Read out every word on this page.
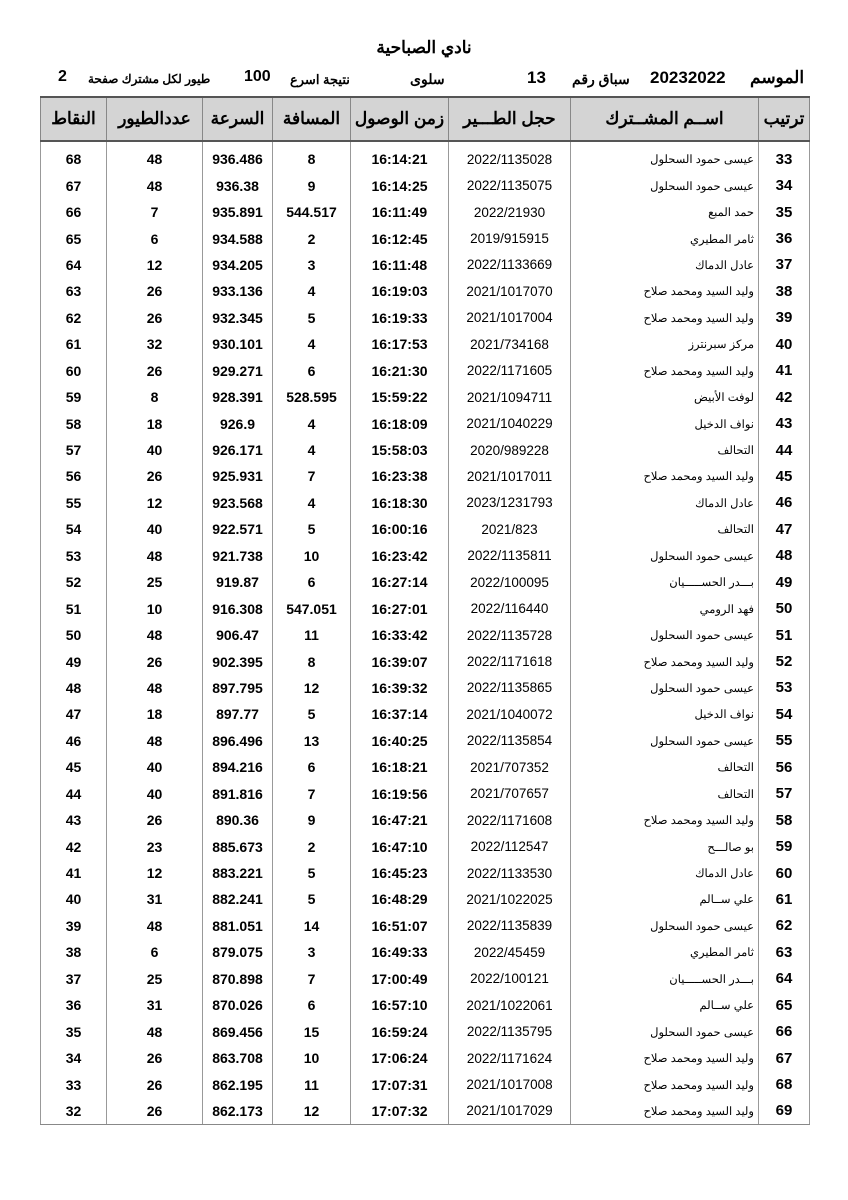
نادي الصباحية
الموسم
20232022
سباق رقم
13
سلوى
نتيجة اسرع
100
طيور لكل مشترك صفحة
2
النقاط	عددالطيور	السرعة	المسافة	زمن الوصول	حجل الطـــير	اســم المشــترك	ترتيب
68	48	936.486	8	16:14:21	2022/1135028	عيسى حمود السحلول	33
67	48	936.38	9	16:14:25	2022/1135075	عيسى حمود السحلول	34
66	7	935.891	544.517	16:11:49	2022/21930	حمد المبع	35
65	6	934.588	2	16:12:45	2019/915915	ثامر المطيري	36
64	12	934.205	3	16:11:48	2022/1133669	عادل الدماك	37
63	26	933.136	4	16:19:03	2021/1017070	وليد السيد ومحمد صلاح	38
62	26	932.345	5	16:19:33	2021/1017004	وليد السيد ومحمد صلاح	39
61	32	930.101	4	16:17:53	2021/734168	مركز سبرنترز	40
60	26	929.271	6	16:21:30	2022/1171605	وليد السيد ومحمد صلاح	41
59	8	928.391	528.595	15:59:22	2021/1094711	لوفت الأبيض	42
58	18	926.9	4	16:18:09	2021/1040229	نواف الدخيل	43
57	40	926.171	4	15:58:03	2020/989228	التحالف	44
56	26	925.931	7	16:23:38	2021/1017011	وليد السيد ومحمد صلاح	45
55	12	923.568	4	16:18:30	2023/1231793	عادل الدماك	46
54	40	922.571	5	16:00:16	2021/823	التحالف	47
53	48	921.738	10	16:23:42	2022/1135811	عيسى حمود السحلول	48
52	25	919.87	6	16:27:14	2022/100095	بـــدر الحســـــيان	49
51	10	916.308	547.051	16:27:01	2022/116440	فهد الرومي	50
50	48	906.47	11	16:33:42	2022/1135728	عيسى حمود السحلول	51
49	26	902.395	8	16:39:07	2022/1171618	وليد السيد ومحمد صلاح	52
48	48	897.795	12	16:39:32	2022/1135865	عيسى حمود السحلول	53
47	18	897.77	5	16:37:14	2021/1040072	نواف الدخيل	54
46	48	896.496	13	16:40:25	2022/1135854	عيسى حمود السحلول	55
45	40	894.216	6	16:18:21	2021/707352	التحالف	56
44	40	891.816	7	16:19:56	2021/707657	التحالف	57
43	26	890.36	9	16:47:21	2022/1171608	وليد السيد ومحمد صلاح	58
42	23	885.673	2	16:47:10	2022/112547	بو صالـــح	59
41	12	883.221	5	16:45:23	2022/1133530	عادل الدماك	60
40	31	882.241	5	16:48:29	2021/1022025	علي ســالم	61
39	48	881.051	14	16:51:07	2022/1135839	عيسى حمود السحلول	62
38	6	879.075	3	16:49:33	2022/45459	ثامر المطيري	63
37	25	870.898	7	17:00:49	2022/100121	بـــدر الحســـــيان	64
36	31	870.026	6	16:57:10	2021/1022061	علي ســالم	65
35	48	869.456	15	16:59:24	2022/1135795	عيسى حمود السحلول	66
34	26	863.708	10	17:06:24	2022/1171624	وليد السيد ومحمد صلاح	67
33	26	862.195	11	17:07:31	2021/1017008	وليد السيد ومحمد صلاح	68
32	26	862.173	12	17:07:32	2021/1017029	وليد السيد ومحمد صلاح	69
